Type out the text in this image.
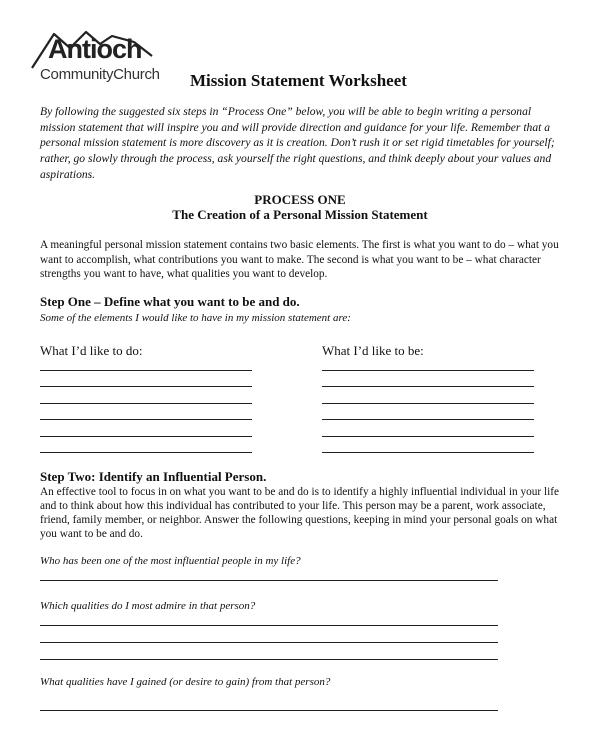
Antioch
CommunityChurch Mission Statement Worksheet

By following the suggested six steps in “Process One” below, you will be able to begin writing a personal mission statement that will inspire you and will provide direction and guidance for your life. Remember that a personal mission statement is more discovery as it is creation. Don’t rush it or set rigid timetables for yourself; rather, go slowly through the process, ask yourself the right questions, and think deeply about your values and aspirations.

PROCESS ONE
The Creation of a Personal Mission Statement

A meaningful personal mission statement contains two basic elements. The first is what you want to do – what you want to accomplish, what contributions you want to make. The second is what you want to be – what character strengths you want to have, what qualities you want to develop.

Step One – Define what you want to be and do.
Some of the elements I would like to have in my mission statement are:
What I’d like to do:	What I’d like to be:
Step Two: Identify an Influential Person.

An effective tool to focus in on what you want to be and do is to identify a highly influential individual in your life and to think about how this individual has contributed to your life. This person may be a parent, work associate, friend, family member, or neighbor. Answer the following questions, keeping in mind your personal goals on what you want to be and do.

Who has been one of the most influential people in my life?
Which qualities do I most admire in that person?
What qualities have I gained (or desire to gain) from that person?
